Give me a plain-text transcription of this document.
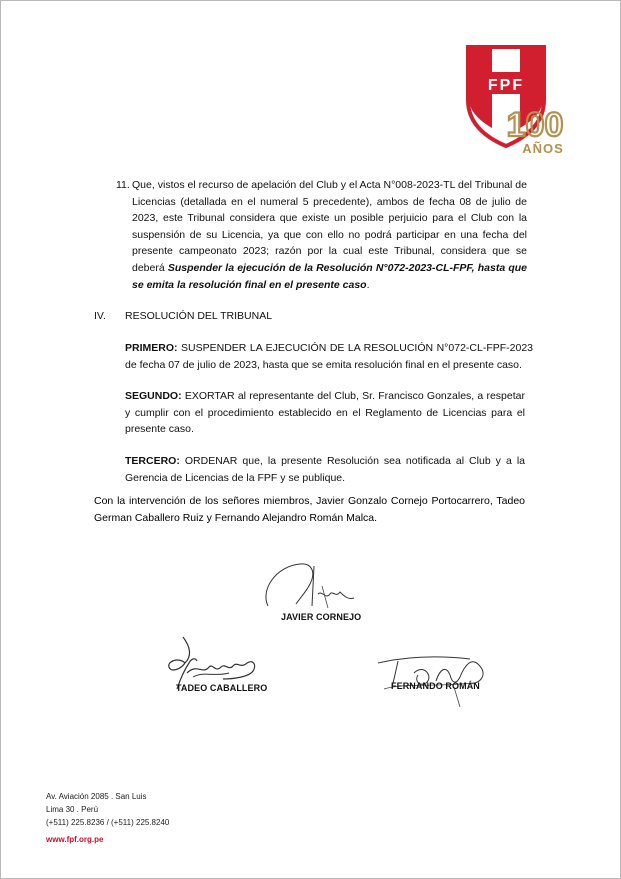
FPF
100
AÑOS
11. Que, vistos el recurso de apelación del Club y el Acta N°008-2023-TL del Tribunal de Licencias (detallada en el numeral 5 precedente), ambos de fecha 08 de julio de 2023, este Tribunal considera que existe un posible perjuicio para el Club con la suspensión de su Licencia, ya que con ello no podrá participar en una fecha del presente campeonato 2023; razón por la cual este Tribunal, considera que se deberá Suspender la ejecución de la Resolución N°072-2023-CL-FPF, hasta que se emita la resolución final en el presente caso.
IV. RESOLUCIÓN DEL TRIBUNAL
PRIMERO: SUSPENDER LA EJECUCIÓN DE LA RESOLUCIÓN N°072-CL-FPF-2023 de fecha 07 de julio de 2023, hasta que se emita resolución final en el presente caso.
SEGUNDO: EXORTAR al representante del Club, Sr. Francisco Gonzales, a respetar y cumplir con el procedimiento establecido en el Reglamento de Licencias para el presente caso.
TERCERO: ORDENAR que, la presente Resolución sea notificada al Club y a la Gerencia de Licencias de la FPF y se publique.
Con la intervención de los señores miembros, Javier Gonzalo Cornejo Portocarrero, Tadeo German Caballero Ruiz y Fernando Alejandro Román Malca.
JAVIER CORNEJO
TADEO CABALLERO	FERNANDO ROMÁN
Av. Aviación 2085 . San Luis
Lima 30 . Perú
(+511) 225.8236 / (+511) 225.8240
www.fpf.org.pe
